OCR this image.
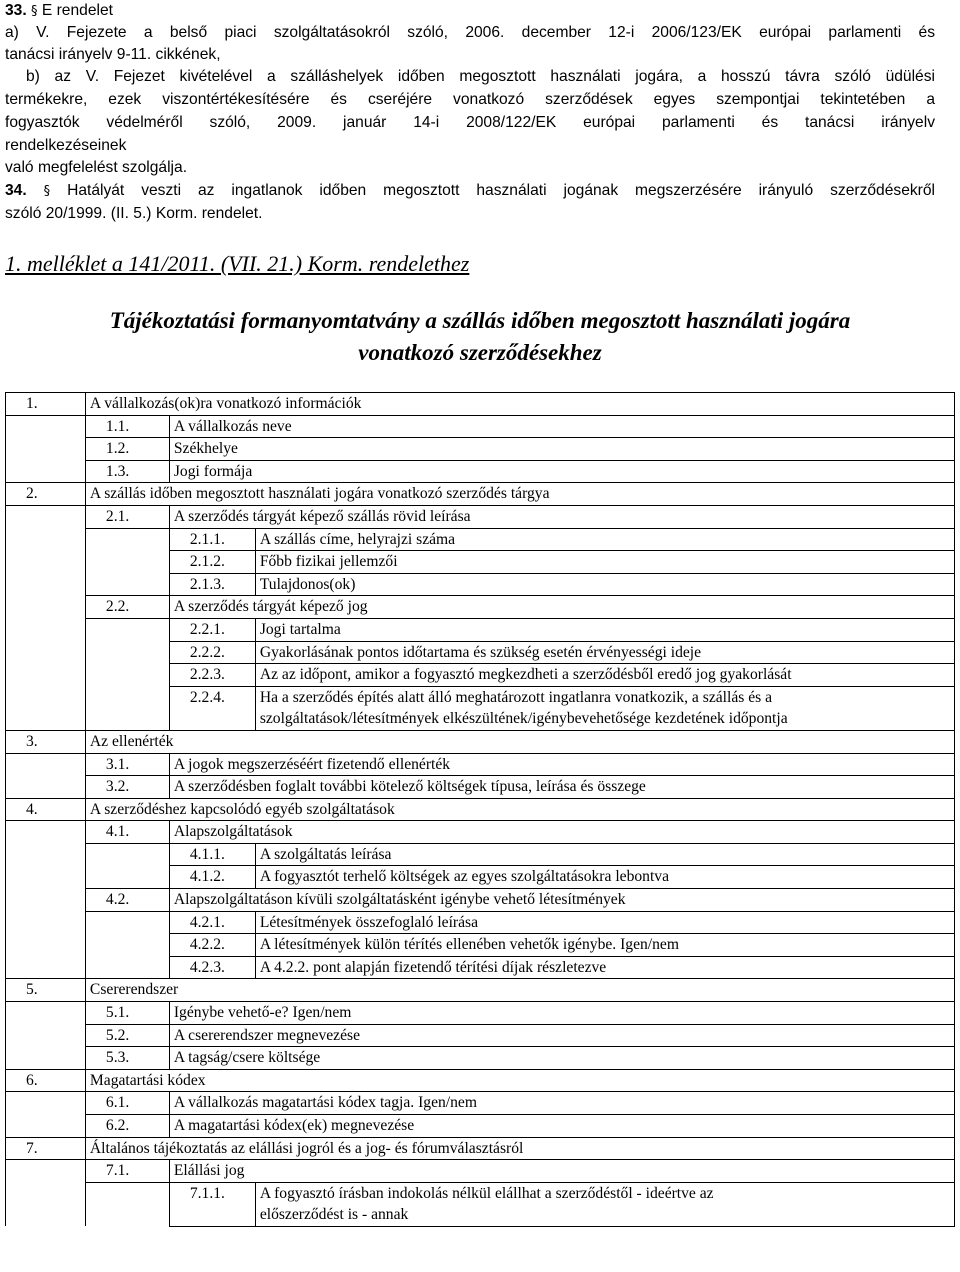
33. § E rendelet
a) V. Fejezete a belső piaci szolgáltatásokról szóló, 2006. december 12-i 2006/123/EK európai parlamenti és
tanácsi irányelv 9-11. cikkének,
b) az V. Fejezet kivételével a szálláshelyek időben megosztott használati jogára, a hosszú távra szóló üdülési
termékekre, ezek viszontértékesítésére és cseréjére vonatkozó szerződések egyes szempontjai tekintetében a
fogyasztók védelméről szóló, 2009. január 14-i 2008/122/EK európai parlamenti és tanácsi irányelv
rendelkezéseinek
való megfelelést szolgálja.
34. § Hatályát veszti az ingatlanok időben megosztott használati jogának megszerzésére irányuló szerződésekről
szóló 20/1999. (II. 5.) Korm. rendelet.
1. melléklet a 141/2011. (VII. 21.) Korm. rendelethez
Tájékoztatási formanyomtatvány a szállás időben megosztott használati jogára
vonatkozó szerződésekhez
1.	A vállalkozás(ok)ra vonatkozó információk		
	1.1.	A vállalkozás neve	
	1.2.	Székhelye	
	1.3.	Jogi formája	
2.	A szállás időben megosztott használati jogára vonatkozó szerződés tárgya		
	2.1.	A szerződés tárgyát képező szállás rövid leírása	
		2.1.1.	A szállás címe, helyrajzi száma
		2.1.2.	Főbb fizikai jellemzői
		2.1.3.	Tulajdonos(ok)
	2.2.	A szerződés tárgyát képező jog	
		2.2.1.	Jogi tartalma
		2.2.2.	Gyakorlásának pontos időtartama és szükség esetén érvényességi ideje
		2.2.3.	Az az időpont, amikor a fogyasztó megkezdheti a szerződésből eredő jog gyakorlását
		2.2.4.	Ha a szerződés építés alatt álló meghatározott ingatlanra vonatkozik, a szállás és a
szolgáltatások/létesítmények elkészültének/igénybevehetősége kezdetének időpontja
3.	Az ellenérték		
	3.1.	A jogok megszerzéséért fizetendő ellenérték	
	3.2.	A szerződésben foglalt további kötelező költségek típusa, leírása és összege	
4.	A szerződéshez kapcsolódó egyéb szolgáltatások		
	4.1.	Alapszolgáltatások	
		4.1.1.	A szolgáltatás leírása
		4.1.2.	A fogyasztót terhelő költségek az egyes szolgáltatásokra lebontva
	4.2.	Alapszolgáltatáson kívüli szolgáltatásként igénybe vehető létesítmények	
		4.2.1.	Létesítmények összefoglaló leírása
		4.2.2.	A létesítmények külön térítés ellenében vehetők igénybe. Igen/nem
		4.2.3.	A 4.2.2. pont alapján fizetendő térítési díjak részletezve
5.	Csererendszer		
	5.1.	Igénybe vehető-e? Igen/nem	
	5.2.	A csererendszer megnevezése	
	5.3.	A tagság/csere költsége	
6.	Magatartási kódex		
	6.1.	A vállalkozás magatartási kódex tagja. Igen/nem	
	6.2.	A magatartási kódex(ek) megnevezése	
7.	Általános tájékoztatás az elállási jogról és a jog- és fórumválasztásról		
	7.1.	Elállási jog	
		7.1.1.	A fogyasztó írásban indokolás nélkül elállhat a szerződéstől - ideértve az
előszerződést is - annak
